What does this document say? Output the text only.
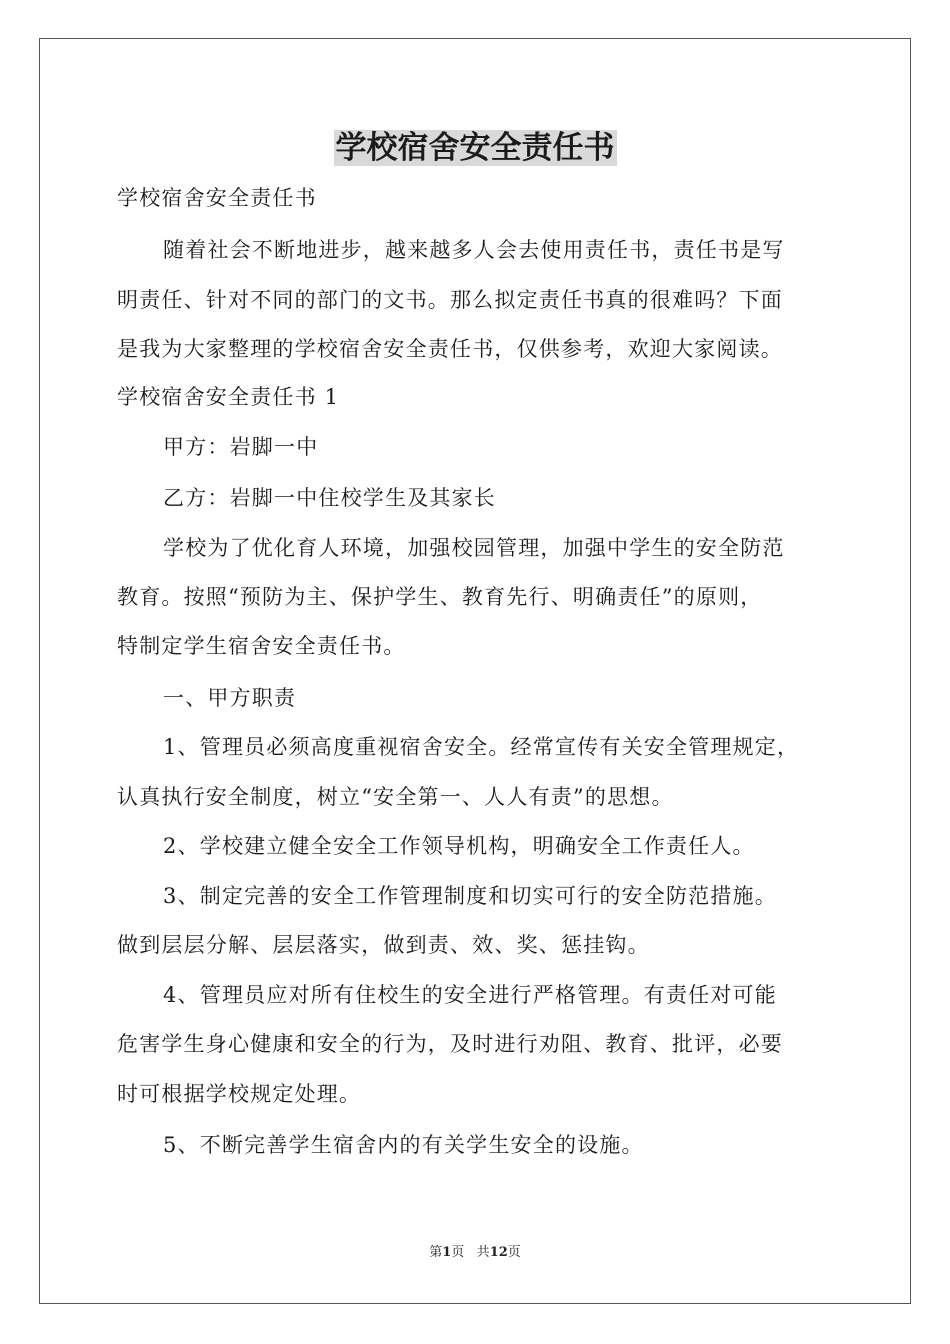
学校宿舍安全责任书

学校宿舍安全责任书

随着社会不断地进步，越来越多人会去使用责任书，责任书是写

明责任、针对不同的部门的文书。那么拟定责任书真的很难吗？下面

是我为大家整理的学校宿舍安全责任书，仅供参考，欢迎大家阅读。

学校宿舍安全责任书 1

甲方：岩脚一中

乙方：岩脚一中住校学生及其家长

学校为了优化育人环境，加强校园管理，加强中学生的安全防范

教育。按照“预防为主、保护学生、教育先行、明确责任”的原则，

特制定学生宿舍安全责任书。

一、甲方职责

1、管理员必须高度重视宿舍安全。经常宣传有关安全管理规定，

认真执行安全制度，树立“安全第一、人人有责”的思想。

2、学校建立健全安全工作领导机构，明确安全工作责任人。

3、制定完善的安全工作管理制度和切实可行的安全防范措施。

做到层层分解、层层落实，做到责、效、奖、惩挂钩。

4、管理员应对所有住校生的安全进行严格管理。有责任对可能

危害学生身心健康和安全的行为，及时进行劝阻、教育、批评，必要

时可根据学校规定处理。

5、不断完善学生宿舍内的有关学生安全的设施。

第1页 共12页
